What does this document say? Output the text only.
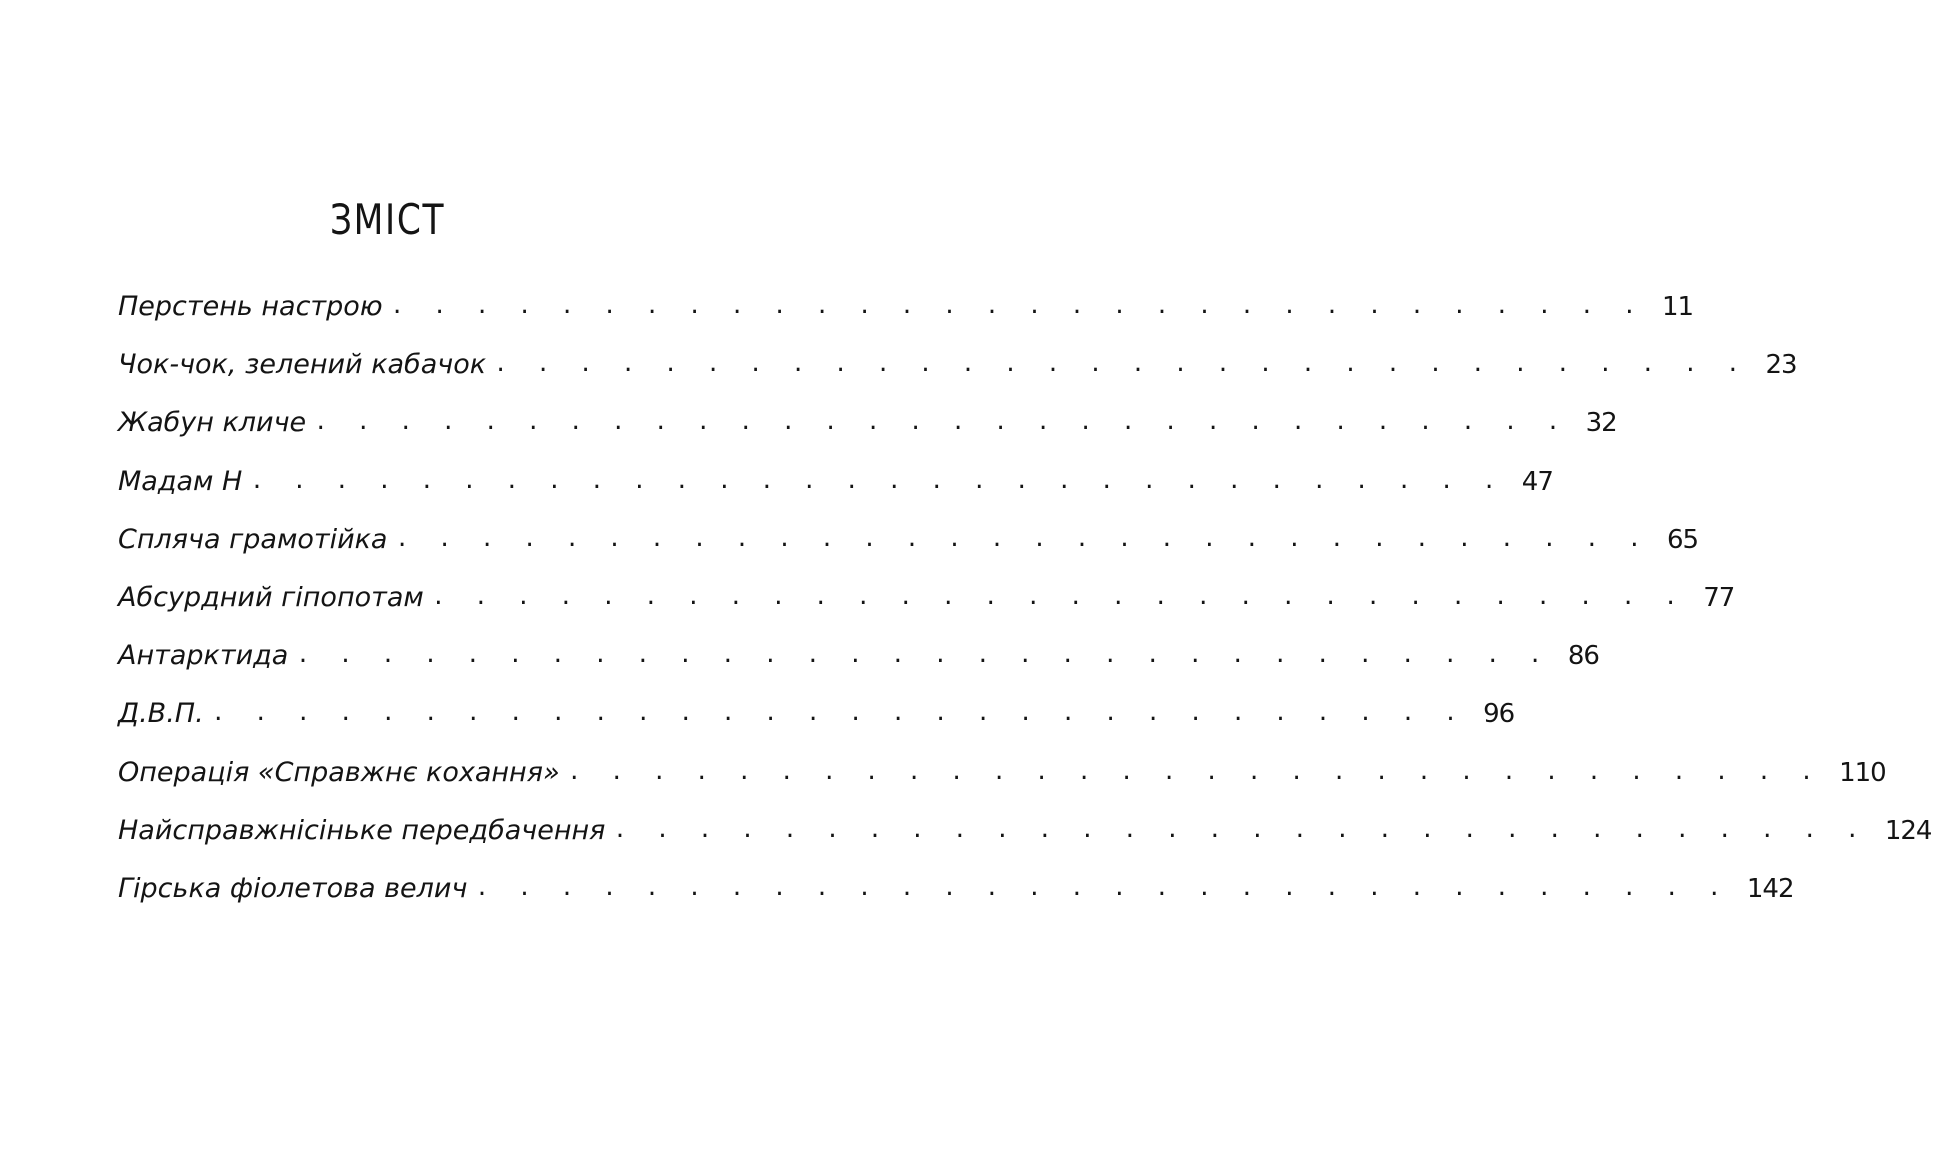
ЗМІСТ
Перстень настрою . . . . . . . . . . . . . . . . . . . . . . . . . . . . . . 11
Чок-чок, зелений кабачок . . . . . . . . . . . . . . . . . . . . . . . . . . . . . . 23
Жабун кличе . . . . . . . . . . . . . . . . . . . . . . . . . . . . . . 32
Мадам Н . . . . . . . . . . . . . . . . . . . . . . . . . . . . . . 47
Спляча грамотійка . . . . . . . . . . . . . . . . . . . . . . . . . . . . . . 65
Абсурдний гіпопотам . . . . . . . . . . . . . . . . . . . . . . . . . . . . . . 77
Антарктида . . . . . . . . . . . . . . . . . . . . . . . . . . . . . . 86
Д.В.П. . . . . . . . . . . . . . . . . . . . . . . . . . . . . . . 96
Операція «Справжнє кохання» . . . . . . . . . . . . . . . . . . . . . . . . . . . . . . 110
Найсправжнісінькe передбачення . . . . . . . . . . . . . . . . . . . . . . . . . . . . . . 124
Гірська фіолетова велич . . . . . . . . . . . . . . . . . . . . . . . . . . . . . . 142
